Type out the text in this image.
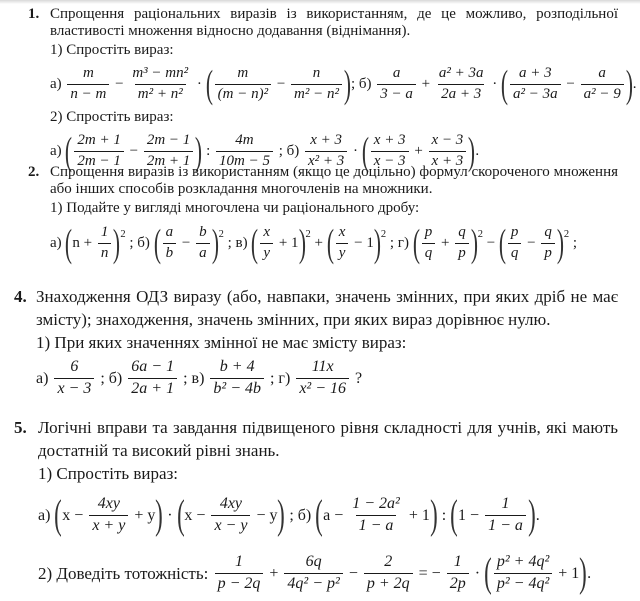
1. Спрощення раціональних виразів із використанням, де це можливо, розподільної властивості множення відносно додавання (віднімання).
1) Спростіть вираз:
$а) \frac{m}{n - m} - \frac{\text{m³ − mn²}}{\text{m² + n²}}$ · ( $\frac{m}{\text{(m − n)²}} - \frac{n}{\text{m² − n²}}$ ) ; $б) \frac{a}{3 - a} + \frac{\text{a² + 3a}}{2a + 3}$ · ( $\frac{a + 3}{\text{a² − 3a}} - \frac{a}{\text{a² − 9}}$ ) .
2) Спростіть вираз:
а) ( $\frac{2m + 1}{2m - 1} - \frac{2m - 1}{2m + 1}$ ) : $\frac{4m}{10m - 5}$ ; $б) \frac{x + 3}{\text{x² + 3}}$ · ( $\frac{x + 3}{x - 3} + \frac{x - 3}{x + 3}$ ) .
2. Спрощення виразів із використанням (якщо це доцільно) формул скороченого множення або інших способів розкладання многочленів на множники.
1) Подайте у вигляді многочлена чи раціонального дробу:
а) ( $n + \frac{1}{n}$ ) 2
; б) ( $\frac{a}{b} - \frac{b}{a}$ ) 2
; в) ( $\frac{x}{y} + 1$ ) 2
+ ( $\frac{x}{y} - 1$ ) 2
; г) ( $\frac{p}{q} + \frac{q}{p}$ ) 2
− ( $\frac{p}{q} - \frac{q}{p}$ ) 2
;
4. Знаходження ОДЗ виразу (або, навпаки, значень змінних, при яких дріб не має змісту); знаходження, значень змінних, при яких вираз дорівнює нулю.
1) При яких значеннях змінної не має змісту вираз:
$а) \frac{6}{x - 3}$ ; $б) \frac{6a - 1}{2a + 1}$ ; $в) \frac{b + 4}{\text{b² − 4b}}$ ; $г) \frac{11x}{\text{x² − 16}}$ ?
5. Логічні вправи та завдання підвищеного рівня складності для учнів, які мають достатній та високий рівні знань.
1) Спростіть вираз:
а) ( $x - \frac{4xy}{x + y} + y$ ) · ( $x - \frac{4xy}{x - y} - y$ ) ; б) ( $a - \frac{\text{1 − 2a²}}{1 - a} + 1$ ) : ( $1 - \frac{1}{1 - a}$ ) .
2) Доведіть тотожність: $\frac{1}{p - 2q} + \frac{6q}{\text{4q² − p²}} - \frac{2}{p + 2q}$ = − $\frac{1}{2p}$ · ( $\frac{\text{p² + 4q²}}{\text{p² − 4q²}} + 1$ ) .
